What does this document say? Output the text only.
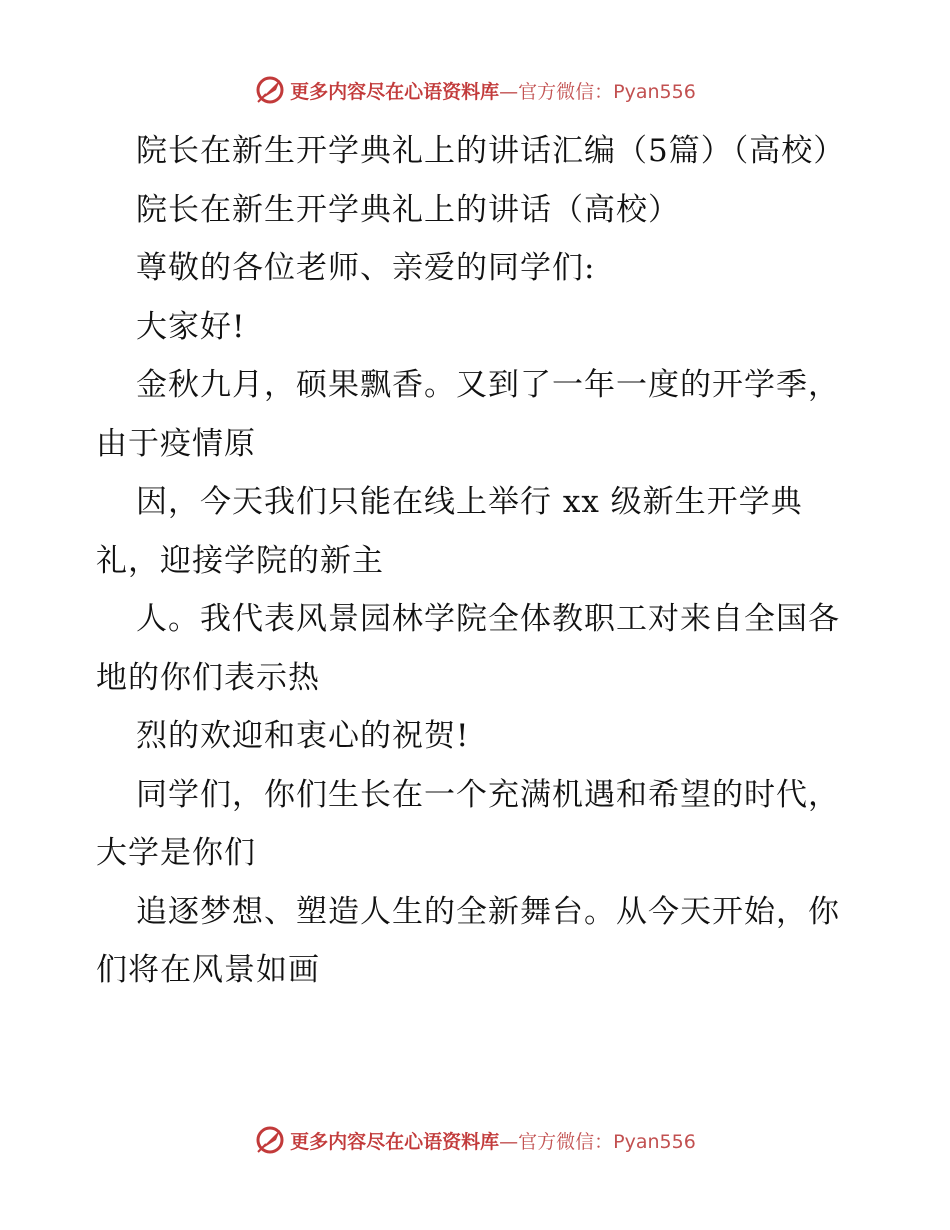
更多内容尽在心语资料库—官方微信：Pyan556

院长在新生开学典礼上的讲话汇编（5篇）（高校）

院长在新生开学典礼上的讲话（高校）

尊敬的各位老师、亲爱的同学们:

大家好!

金秋九月，硕果飘香。又到了一年一度的开学季，由于疫情原

因，今天我们只能在线上举行 xx 级新生开学典礼，迎接学院的新主

人。我代表风景园林学院全体教职工对来自全国各地的你们表示热

烈的欢迎和衷心的祝贺!

同学们，你们生长在一个充满机遇和希望的时代，大学是你们

追逐梦想、塑造人生的全新舞台。从今天开始，你们将在风景如画

更多内容尽在心语资料库—官方微信：Pyan556
